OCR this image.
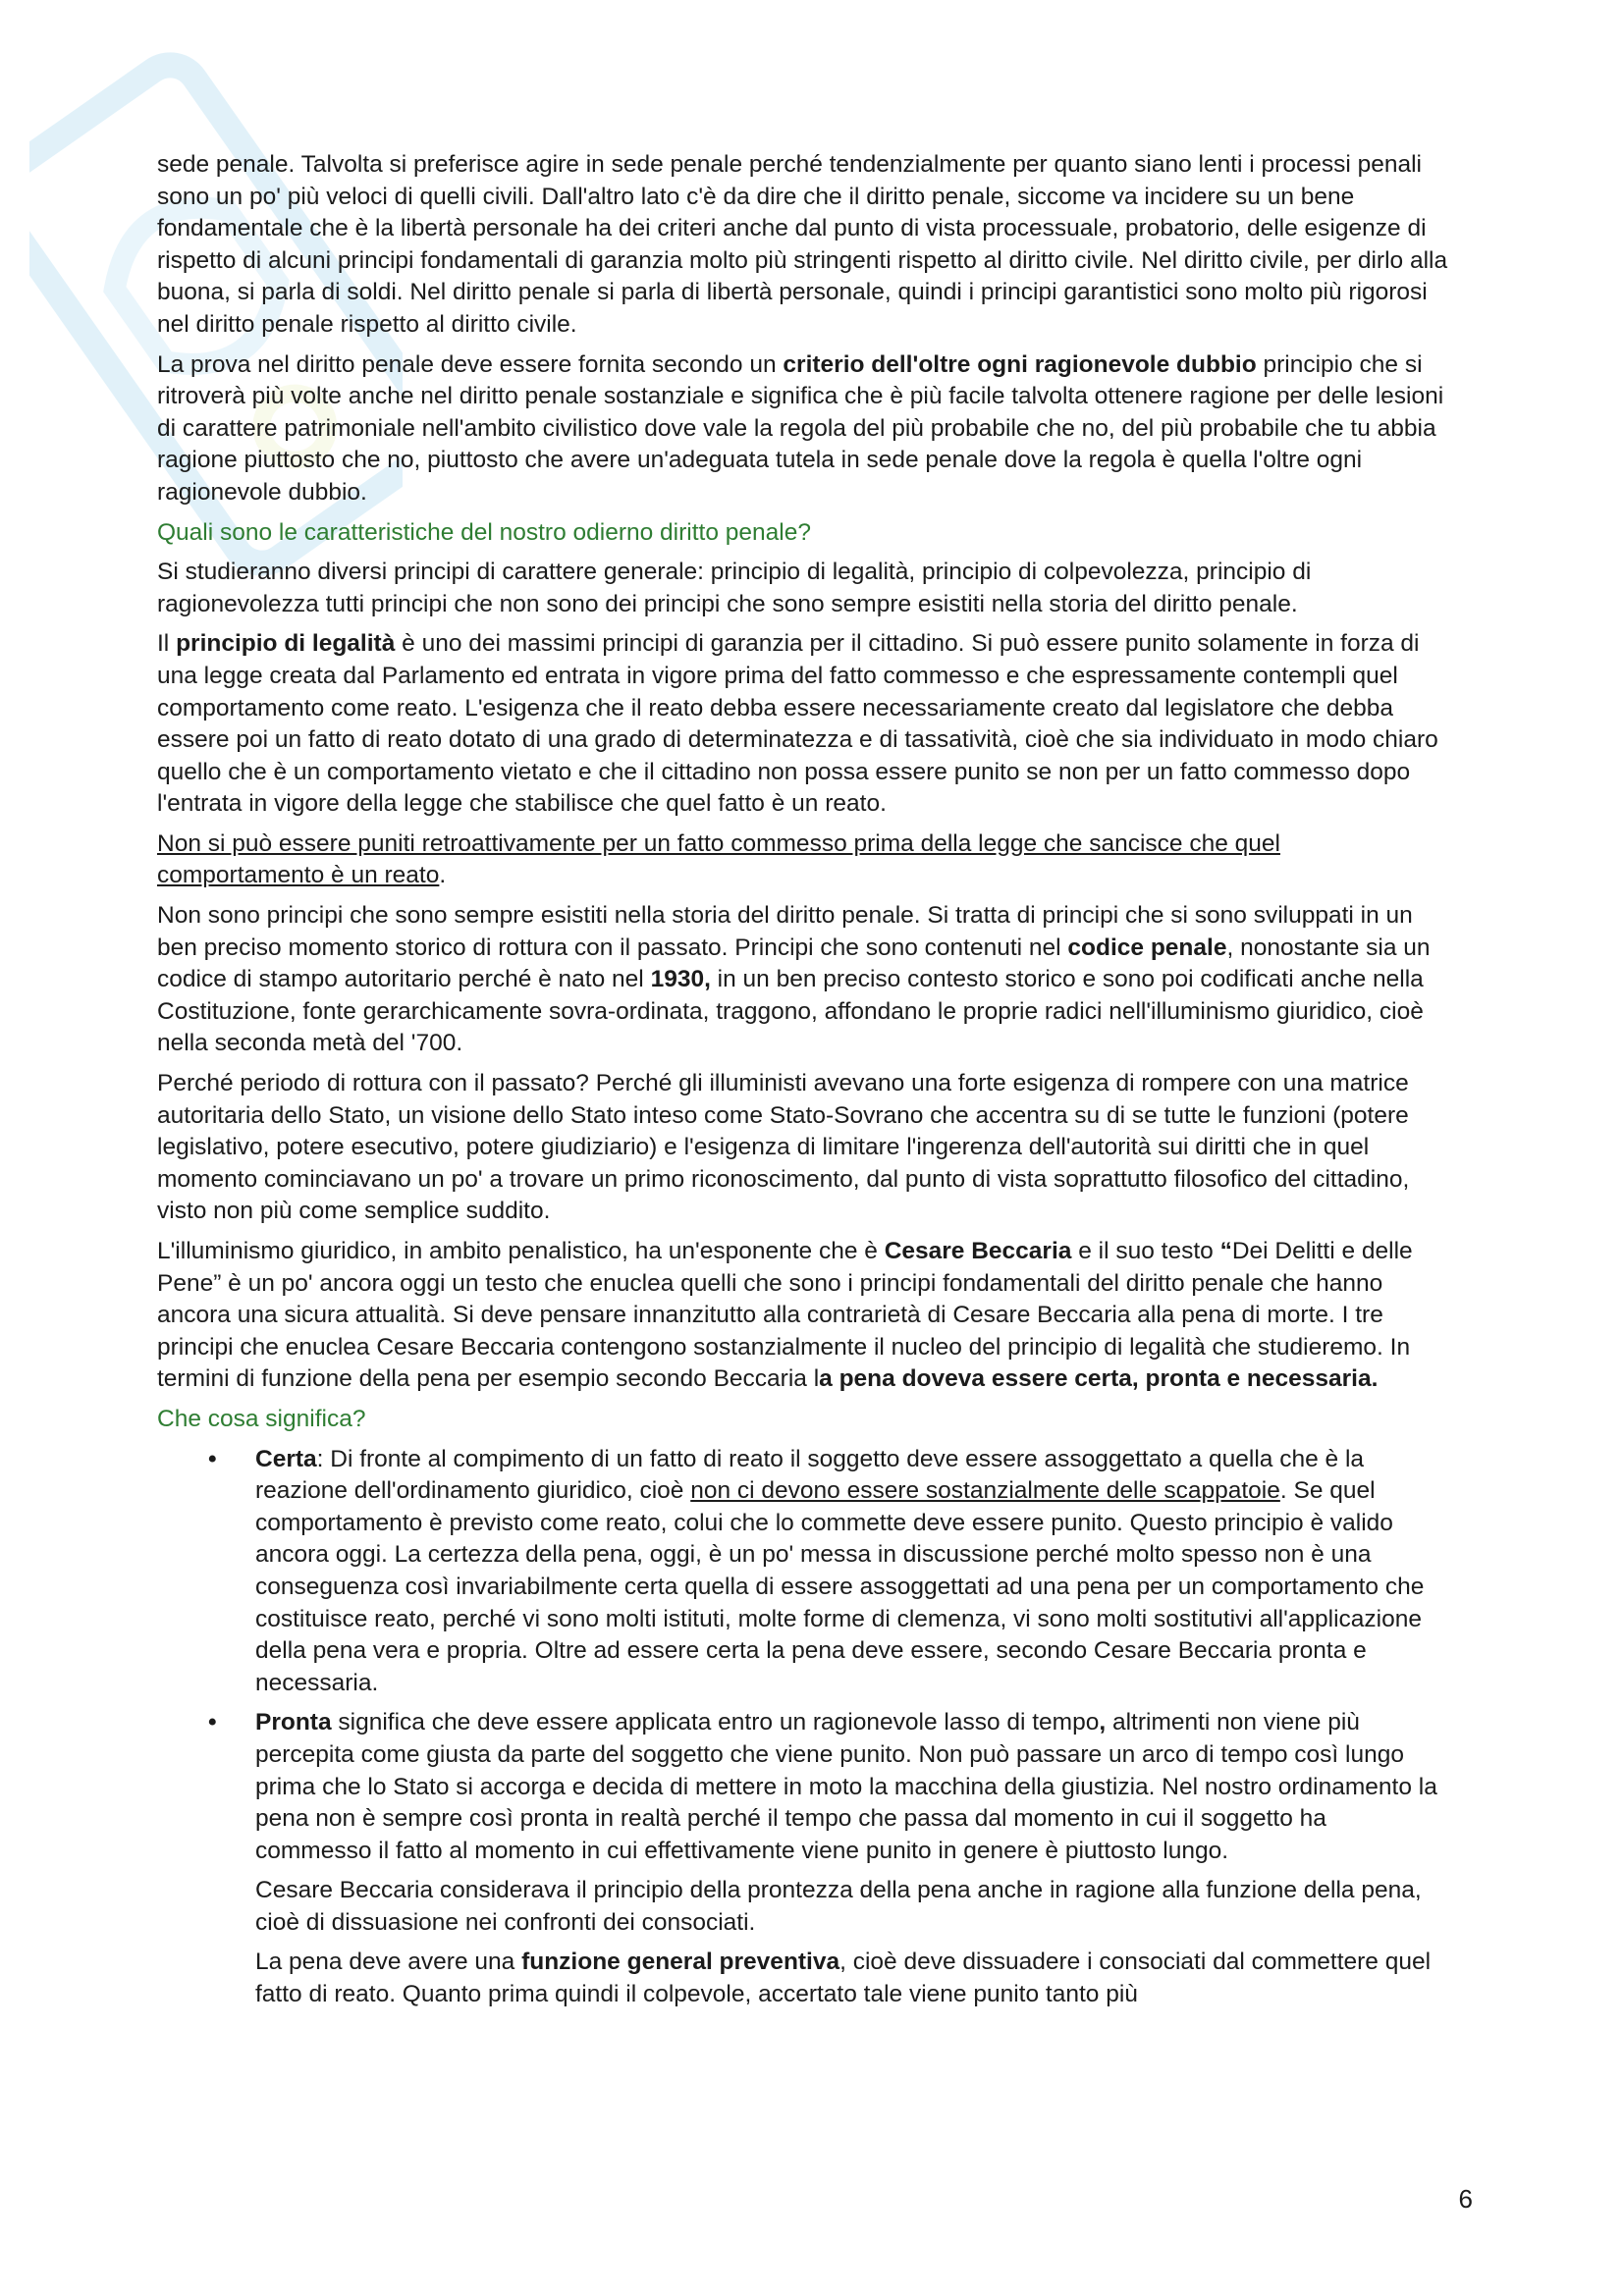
sede penale. Talvolta si preferisce agire in sede penale perché tendenzialmente per quanto siano lenti i processi penali sono un po' più veloci di quelli civili. Dall'altro lato c'è da dire che il diritto penale, siccome va incidere su un bene fondamentale che è la libertà personale ha dei criteri anche dal punto di vista processuale, probatorio, delle esigenze di rispetto di alcuni principi fondamentali di garanzia molto più stringenti rispetto al diritto civile. Nel diritto civile, per dirlo alla buona, si parla di soldi. Nel diritto penale si parla di libertà personale, quindi i principi garantistici sono molto più rigorosi nel diritto penale rispetto al diritto civile.

La prova nel diritto penale deve essere fornita secondo un criterio dell'oltre ogni ragionevole dubbio principio che si ritroverà più volte anche nel diritto penale sostanziale e significa che è più facile talvolta ottenere ragione per delle lesioni di carattere patrimoniale nell'ambito civilistico dove vale la regola del più probabile che no, del più probabile che tu abbia ragione piuttosto che no, piuttosto che avere un'adeguata tutela in sede penale dove la regola è quella l'oltre ogni ragionevole dubbio.

Quali sono le caratteristiche del nostro odierno diritto penale?

Si studieranno diversi principi di carattere generale: principio di legalità, principio di colpevolezza, principio di ragionevolezza tutti principi che non sono dei principi che sono sempre esistiti nella storia del diritto penale.

Il principio di legalità è uno dei massimi principi di garanzia per il cittadino. Si può essere punito solamente in forza di una legge creata dal Parlamento ed entrata in vigore prima del fatto commesso e che espressamente contempli quel comportamento come reato. L'esigenza che il reato debba essere necessariamente creato dal legislatore che debba essere poi un fatto di reato dotato di una grado di determinatezza e di tassatività, cioè che sia individuato in modo chiaro quello che è un comportamento vietato e che il cittadino non possa essere punito se non per un fatto commesso dopo l'entrata in vigore della legge che stabilisce che quel fatto è un reato.

Non si può essere puniti retroattivamente per un fatto commesso prima della legge che sancisce che quel comportamento è un reato.

Non sono principi che sono sempre esistiti nella storia del diritto penale. Si tratta di principi che si sono sviluppati in un ben preciso momento storico di rottura con il passato. Principi che sono contenuti nel codice penale, nonostante sia un codice di stampo autoritario perché è nato nel 1930, in un ben preciso contesto storico e sono poi codificati anche nella Costituzione, fonte gerarchicamente sovra-ordinata, traggono, affondano le proprie radici nell'illuminismo giuridico, cioè nella seconda metà del '700.

Perché periodo di rottura con il passato? Perché gli illuministi avevano una forte esigenza di rompere con una matrice autoritaria dello Stato, un visione dello Stato inteso come Stato-Sovrano che accentra su di se tutte le funzioni (potere legislativo, potere esecutivo, potere giudiziario) e l'esigenza di limitare l'ingerenza dell'autorità sui diritti che in quel momento cominciavano un po' a trovare un primo riconoscimento, dal punto di vista soprattutto filosofico del cittadino, visto non più come semplice suddito.

L'illuminismo giuridico, in ambito penalistico, ha un'esponente che è Cesare Beccaria e il suo testo “Dei Delitti e delle Pene” è un po' ancora oggi un testo che enuclea quelli che sono i principi fondamentali del diritto penale che hanno ancora una sicura attualità. Si deve pensare innanzitutto alla contrarietà di Cesare Beccaria alla pena di morte. I tre principi che enuclea Cesare Beccaria contengono sostanzialmente il nucleo del principio di legalità che studieremo. In termini di funzione della pena per esempio secondo Beccaria la pena doveva essere certa, pronta e necessaria.

Che cosa significa?

• Certa: Di fronte al compimento di un fatto di reato il soggetto deve essere assoggettato a quella che è la reazione dell'ordinamento giuridico, cioè non ci devono essere sostanzialmente delle scappatoie. Se quel comportamento è previsto come reato, colui che lo commette deve essere punito. Questo principio è valido ancora oggi. La certezza della pena, oggi, è un po' messa in discussione perché molto spesso non è una conseguenza così invariabilmente certa quella di essere assoggettati ad una pena per un comportamento che costituisce reato, perché vi sono molti istituti, molte forme di clemenza, vi sono molti sostitutivi all'applicazione della pena vera e propria. Oltre ad essere certa la pena deve essere, secondo Cesare Beccaria pronta e necessaria.
• Pronta significa che deve essere applicata entro un ragionevole lasso di tempo, altrimenti non viene più percepita come giusta da parte del soggetto che viene punito. Non può passare un arco di tempo così lungo prima che lo Stato si accorga e decida di mettere in moto la macchina della giustizia. Nel nostro ordinamento la pena non è sempre così pronta in realtà perché il tempo che passa dal momento in cui il soggetto ha commesso il fatto al momento in cui effettivamente viene punito in genere è piuttosto lungo.

Cesare Beccaria considerava il principio della prontezza della pena anche in ragione alla funzione della pena, cioè di dissuasione nei confronti dei consociati.

La pena deve avere una funzione general preventiva, cioè deve dissuadere i consociati dal commettere quel fatto di reato. Quanto prima quindi il colpevole, accertato tale viene punito tanto più

6
